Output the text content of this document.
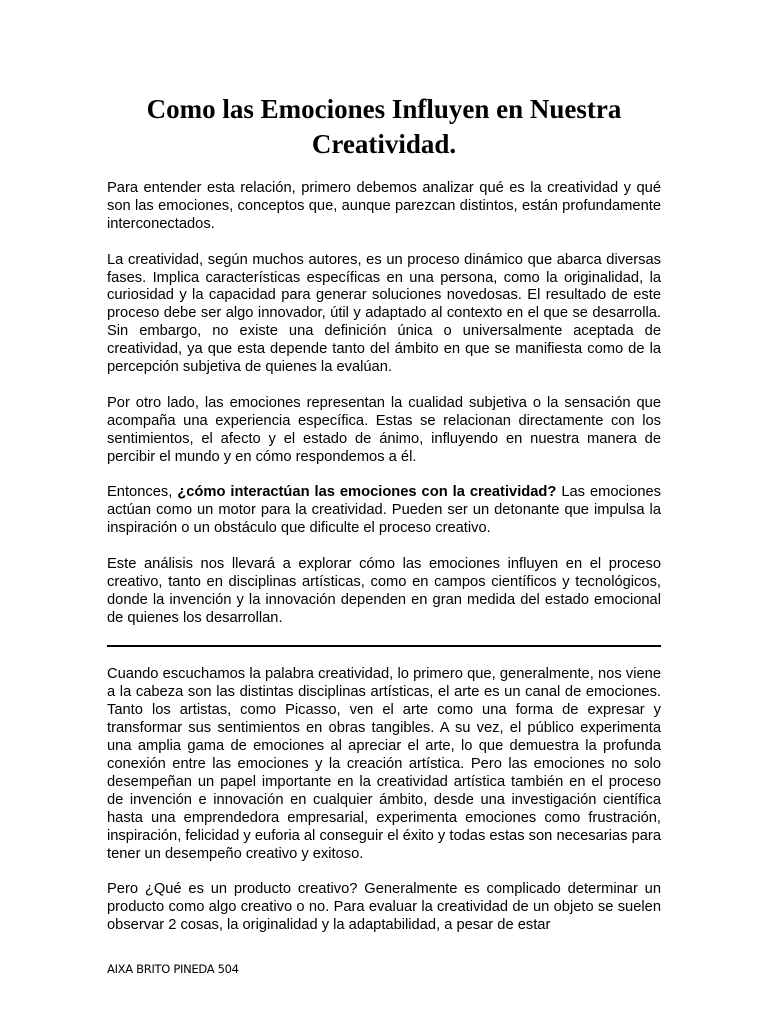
Como las Emociones Influyen en Nuestra Creatividad.

Para entender esta relación, primero debemos analizar qué es la creatividad y qué son las emociones, conceptos que, aunque parezcan distintos, están profundamente interconectados.

La creatividad, según muchos autores, es un proceso dinámico que abarca diversas fases. Implica características específicas en una persona, como la originalidad, la curiosidad y la capacidad para generar soluciones novedosas. El resultado de este proceso debe ser algo innovador, útil y adaptado al contexto en el que se desarrolla. Sin embargo, no existe una definición única o universalmente aceptada de creatividad, ya que esta depende tanto del ámbito en que se manifiesta como de la percepción subjetiva de quienes la evalúan.

Por otro lado, las emociones representan la cualidad subjetiva o la sensación que acompaña una experiencia específica. Estas se relacionan directamente con los sentimientos, el afecto y el estado de ánimo, influyendo en nuestra manera de percibir el mundo y en cómo respondemos a él.

Entonces, ¿cómo interactúan las emociones con la creatividad? Las emociones actúan como un motor para la creatividad. Pueden ser un detonante que impulsa la inspiración o un obstáculo que dificulte el proceso creativo.

Este análisis nos llevará a explorar cómo las emociones influyen en el proceso creativo, tanto en disciplinas artísticas, como en campos científicos y tecnológicos, donde la invención y la innovación dependen en gran medida del estado emocional de quienes los desarrollan.

Cuando escuchamos la palabra creatividad, lo primero que, generalmente, nos viene a la cabeza son las distintas disciplinas artísticas, el arte es un canal de emociones. Tanto los artistas, como Picasso, ven el arte como una forma de expresar y transformar sus sentimientos en obras tangibles. A su vez, el público experimenta una amplia gama de emociones al apreciar el arte, lo que demuestra la profunda conexión entre las emociones y la creación artística. Pero las emociones no solo desempeñan un papel importante en la creatividad artística también en el proceso de invención e innovación en cualquier ámbito, desde una investigación científica hasta una emprendedora empresarial, experimenta emociones como frustración, inspiración, felicidad y euforia al conseguir el éxito y todas estas son necesarias para tener un desempeño creativo y exitoso.

Pero ¿Qué es un producto creativo? Generalmente es complicado determinar un producto como algo creativo o no. Para evaluar la creatividad de un objeto se suelen observar 2 cosas, la originalidad y la adaptabilidad, a pesar de estar

AIXA BRITO PINEDA 504
